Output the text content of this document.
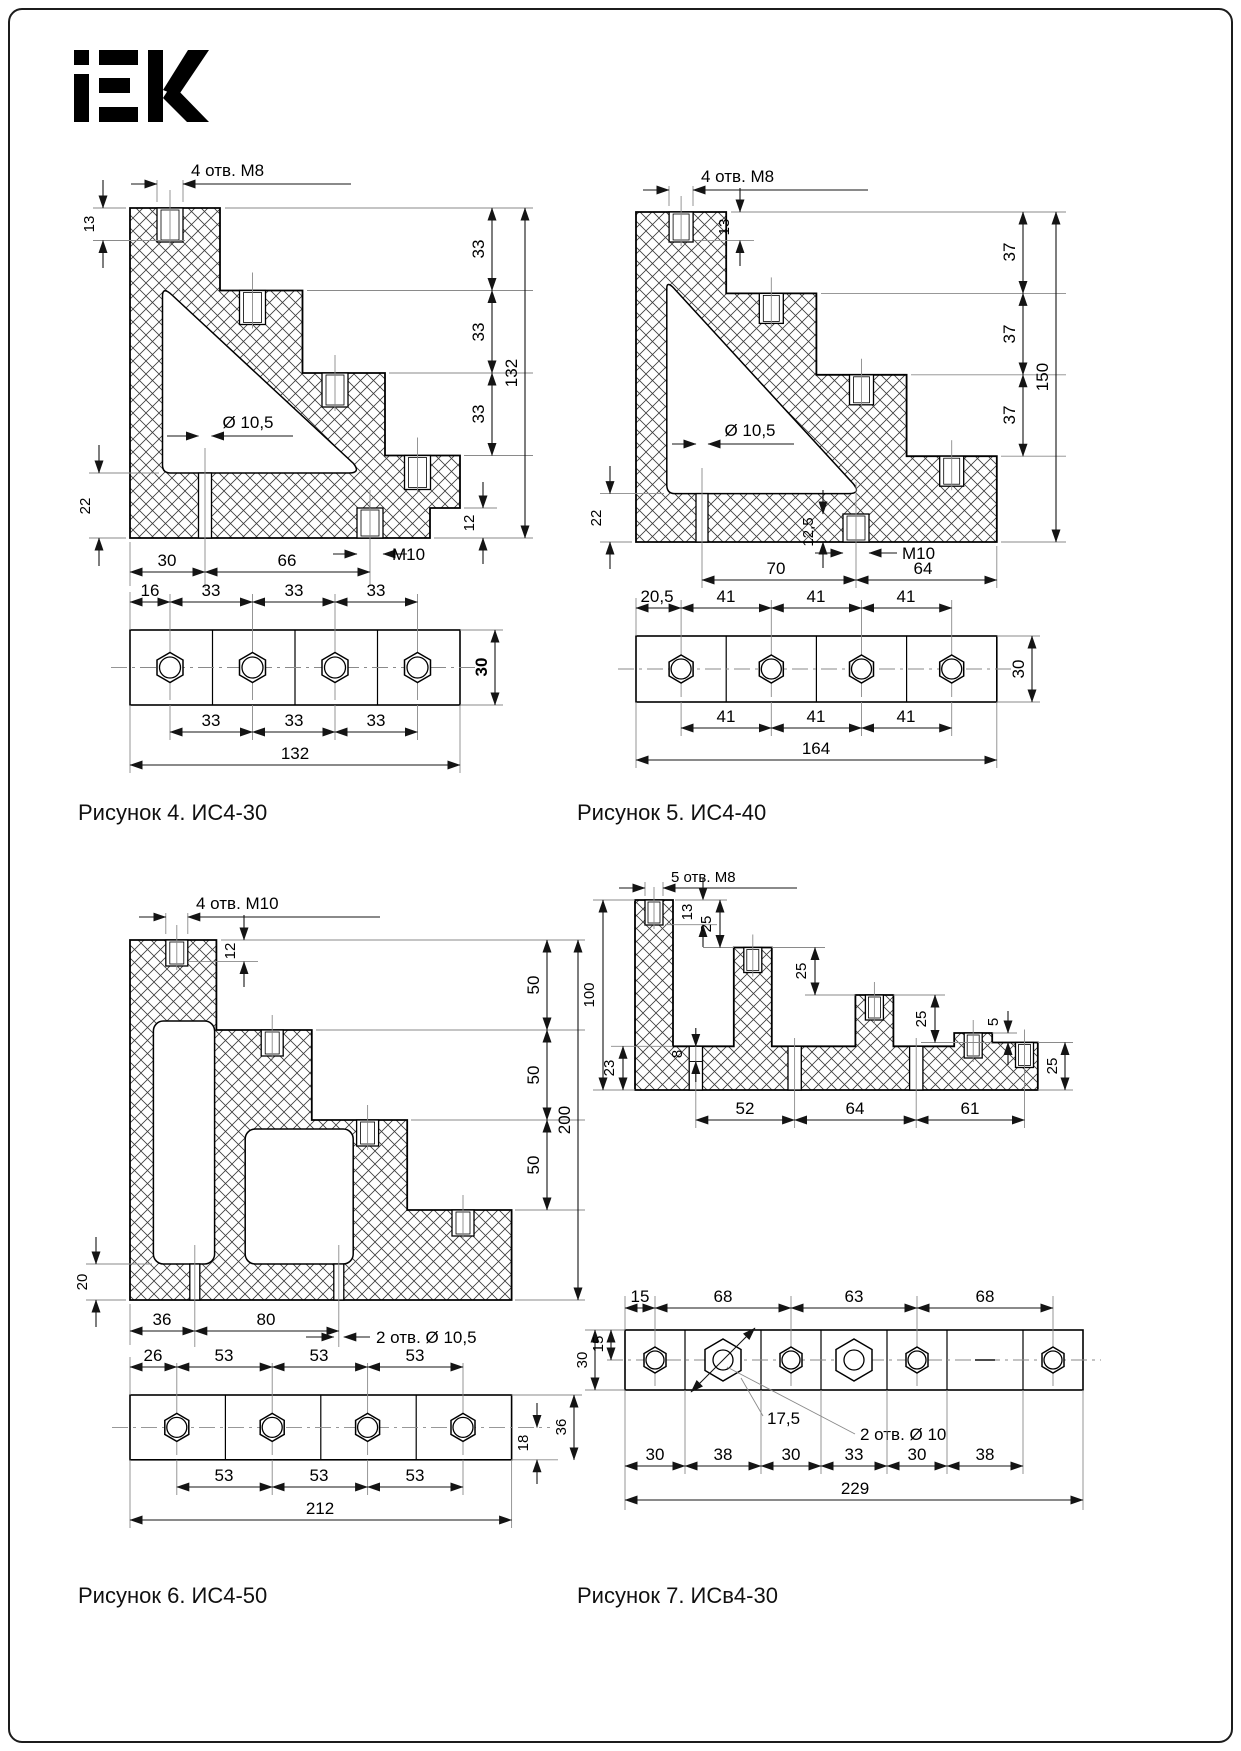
33
33
33
132
4 отв. М8
13
22
Ø 10,5
30	66	М10
12
16 33	33	33
33	33	33
132
30
37
37
37
150
4 отв. М8
13
22
Ø 10,5
12,5
М10
70	64
20,5	41	41	41
41	41	41
164
30
50
50
50
200
4 отв. М10
12
20
36	80
2 отв. Ø 10,5
26	53	53	53
53	53	53
212
18
36
5 отв. М8
13
25
25
25	5
25
100
23
8
52	64	61
15	68	63	68
30
15
17,5
2 отв. Ø 10
30	38	30	33	30	38
229
Рисунок 4. ИС4-30	Рисунок 5. ИС4-40
Рисунок 6. ИС4-50	Рисунок 7. ИСв4-30
